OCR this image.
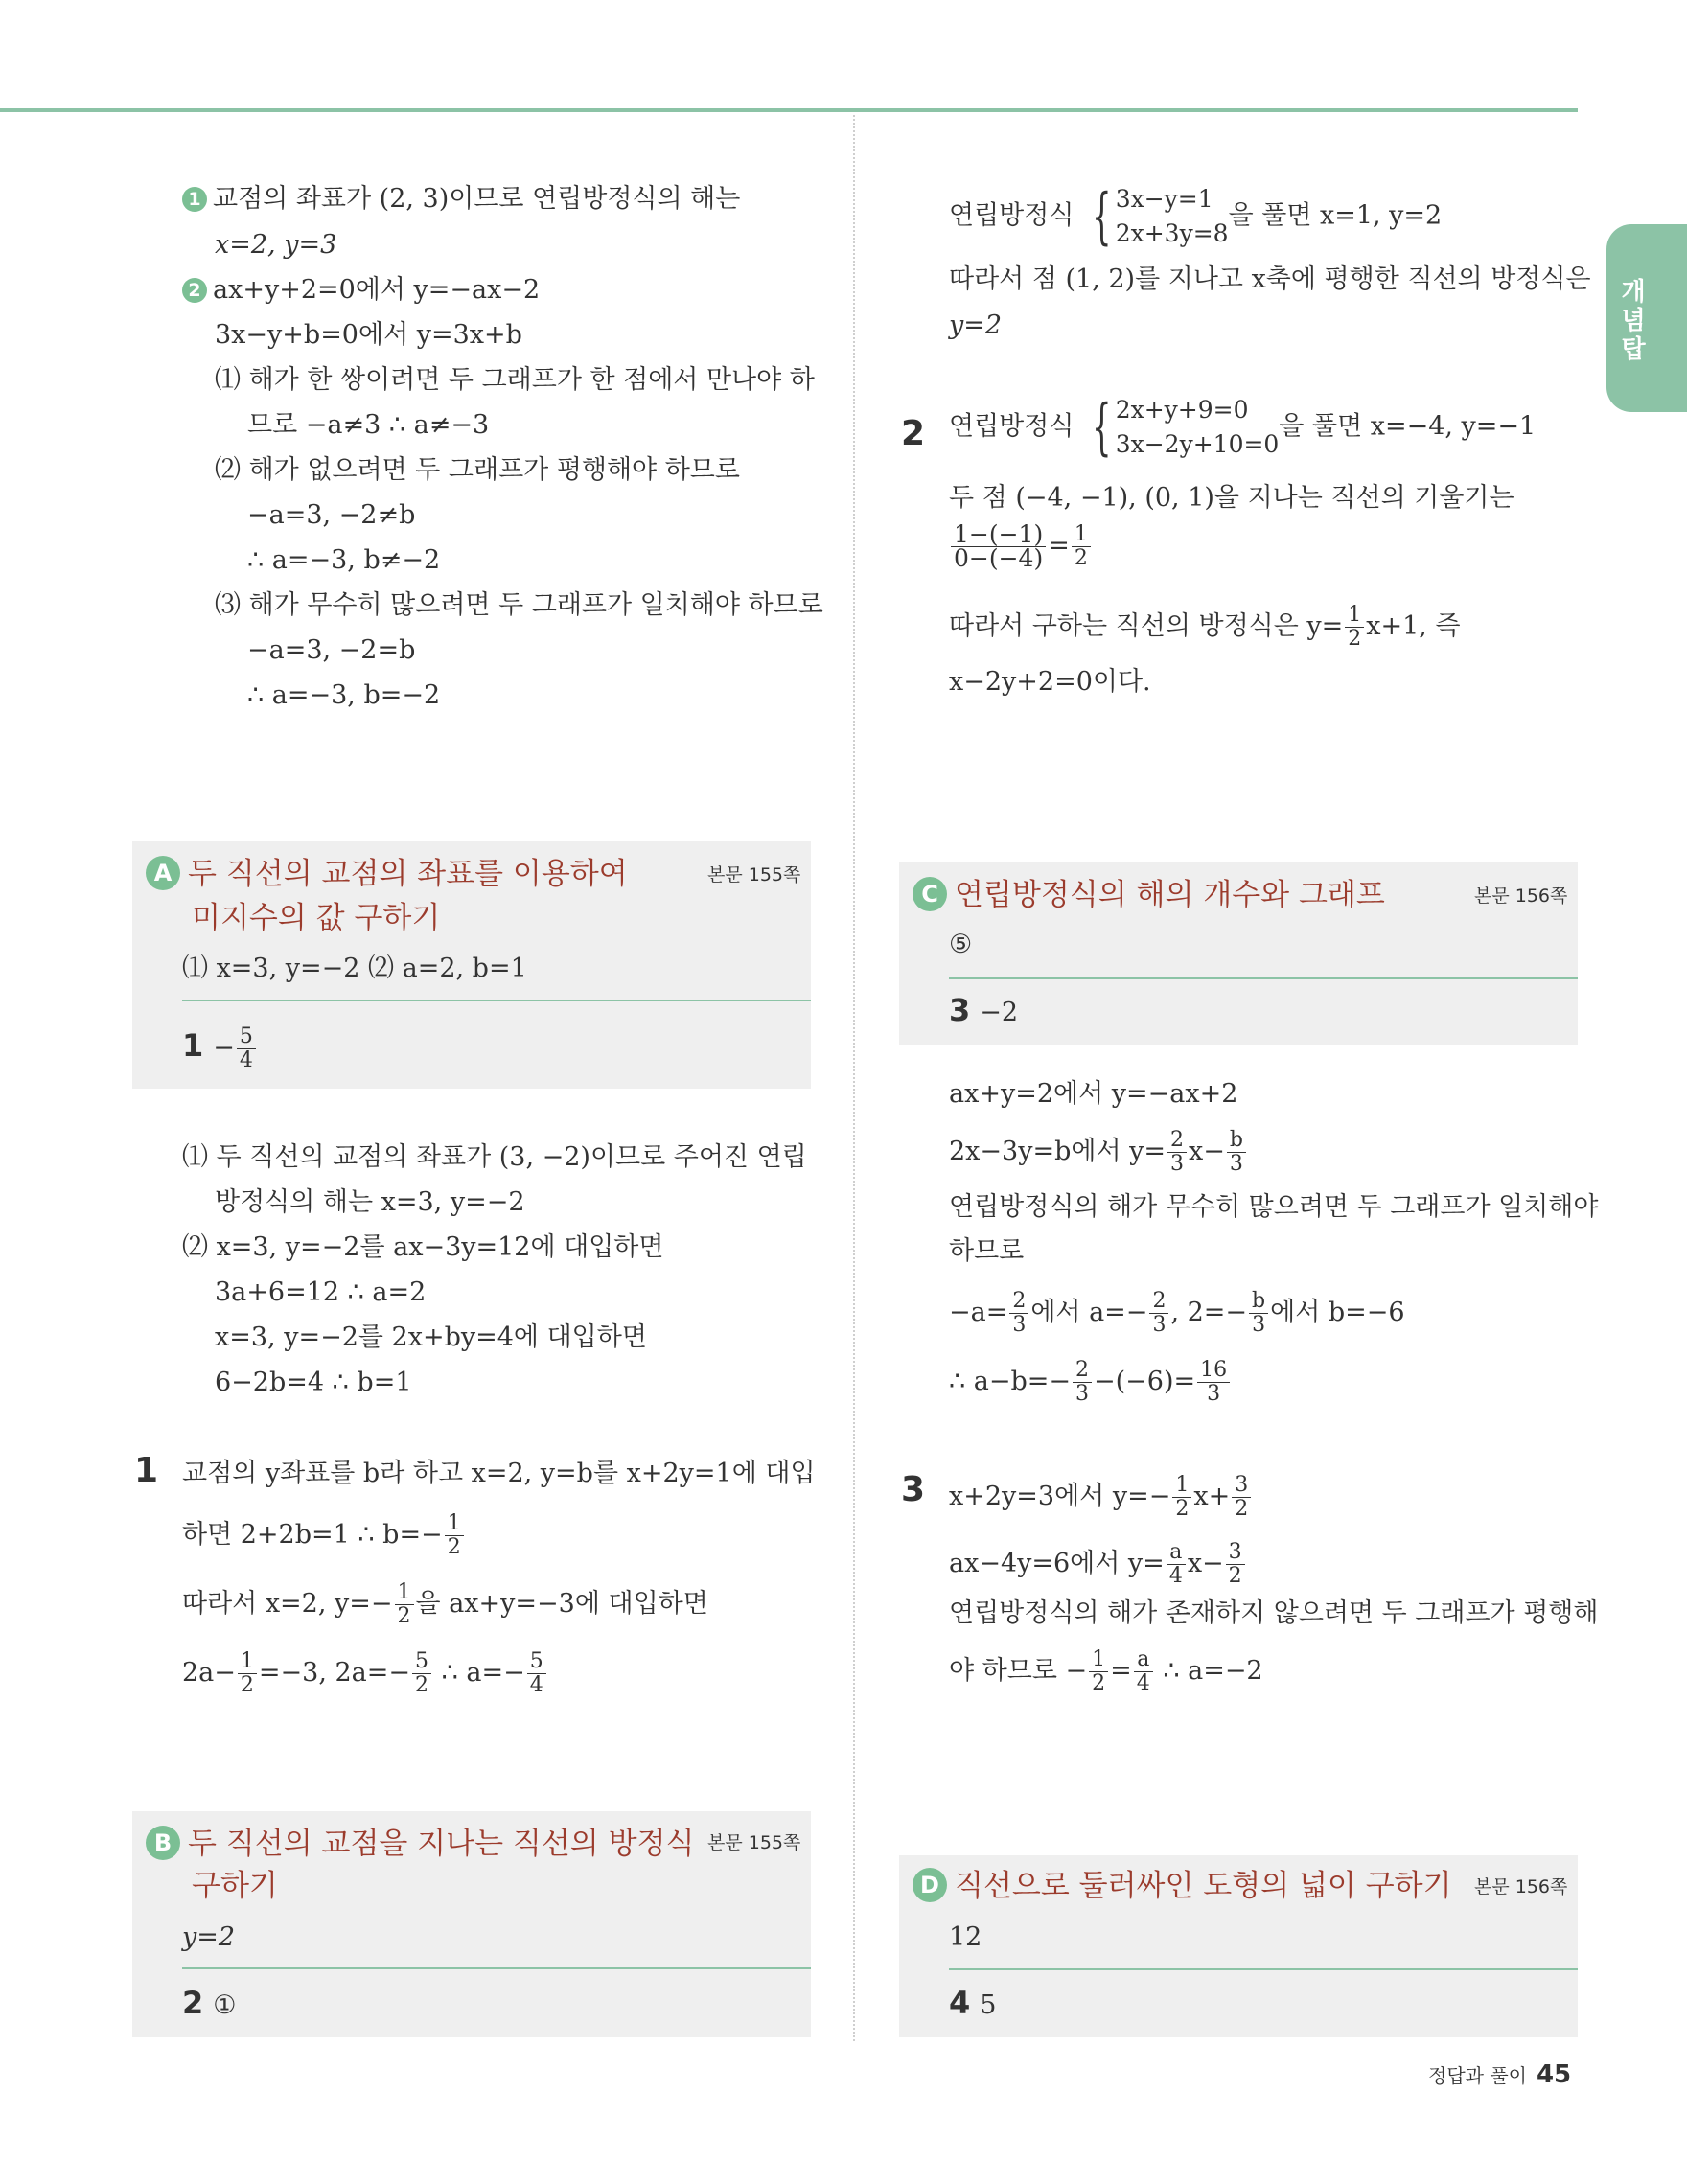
개념탑
1 교점의 좌표가 (2, 3)이므로 연립방정식의 해는
x=2, y=3
2 ax+y+2=0에서 y=−ax−2
3x−y+b=0에서 y=3x+b
⑴ 해가 한 쌍이려면 두 그래프가 한 점에서 만나야 하
므로 −a≠3 ∴ a≠−3
⑵ 해가 없으려면 두 그래프가 평행해야 하므로
−a=3, −2≠b
∴ a=−3, b≠−2
⑶ 해가 무수히 많으려면 두 그래프가 일치해야 하므로
−a=3, −2=b
∴ a=−3, b=−2
A 두 직선의 교점의 좌표를 이용하여
미지수의 값 구하기
본문 155쪽
⑴ x=3, y=−2 ⑵ a=2, b=1
$1 - \frac{5}{4}$
⑴ 두 직선의 교점의 좌표가 (3, −2)이므로 주어진 연립
방정식의 해는 x=3, y=−2
⑵ x=3, y=−2를 ax−3y=12에 대입하면
3a+6=12 ∴ a=2
x=3, y=−2를 2x+by=4에 대입하면
6−2b=4 ∴ b=1
1 교점의 y좌표를 b라 하고 x=2, y=b를 x+2y=1에 대입
하면 2+2b=1 ∴ $b=- \frac{1}{2}$
따라서 x=2, $y=- \frac{1}{2}$ 을 ax+y=−3에 대입하면
$2a- \frac{1}{2} =-3$, $2a=- \frac{5}{2}$ ∴ $a=- \frac{5}{4}$
B 두 직선의 교점을 지나는 직선의 방정식
구하기
본문 155쪽
y=2
2 ①
연립방정식 { 3x−y=1
2x+3y=8
을 풀면 x=1, y=2
따라서 점 (1, 2)를 지나고 x축에 평행한 직선의 방정식은
y=2
2 연립방정식 { 2x+y+9=0
3x−2y+10=0
을 풀면 x=−4, y=−1
두 점 (−4, −1), (0, 1)을 지나는 직선의 기울기는
$\frac{1-(-1)}{0-(-4)} = \frac{1}{2}$
따라서 구하는 직선의 방정식은 $y= \frac{1}{2} x+1$, 즉
x−2y+2=0이다.
C 연립방정식의 해의 개수와 그래프	본문 156쪽
⑤
3 −2
ax+y=2에서 y=−ax+2
2x−3y=b에서 $y= \frac{2}{3} x- \frac{b}{3}$
연립방정식의 해가 무수히 많으려면 두 그래프가 일치해야
하므로
$-a= \frac{2}{3}$ 에서 $a=- \frac{2}{3}$ , $2=- \frac{b}{3}$ 에서 b=−6
∴ $a-b=- \frac{2}{3} -(-6)= \frac{16}{3}$
3 x+2y=3에서 $y=- \frac{1}{2} x+ \frac{3}{2}$
ax−4y=6에서 $y= \frac{a}{4} x- \frac{3}{2}$
연립방정식의 해가 존재하지 않으려면 두 그래프가 평행해
야 하므로 − $\frac{1}{2} = \frac{a}{4}$ ∴ a=−2
D 직선으로 둘러싸인 도형의 넓이 구하기 본문 156쪽
12
4 5
정답과 풀이 45
